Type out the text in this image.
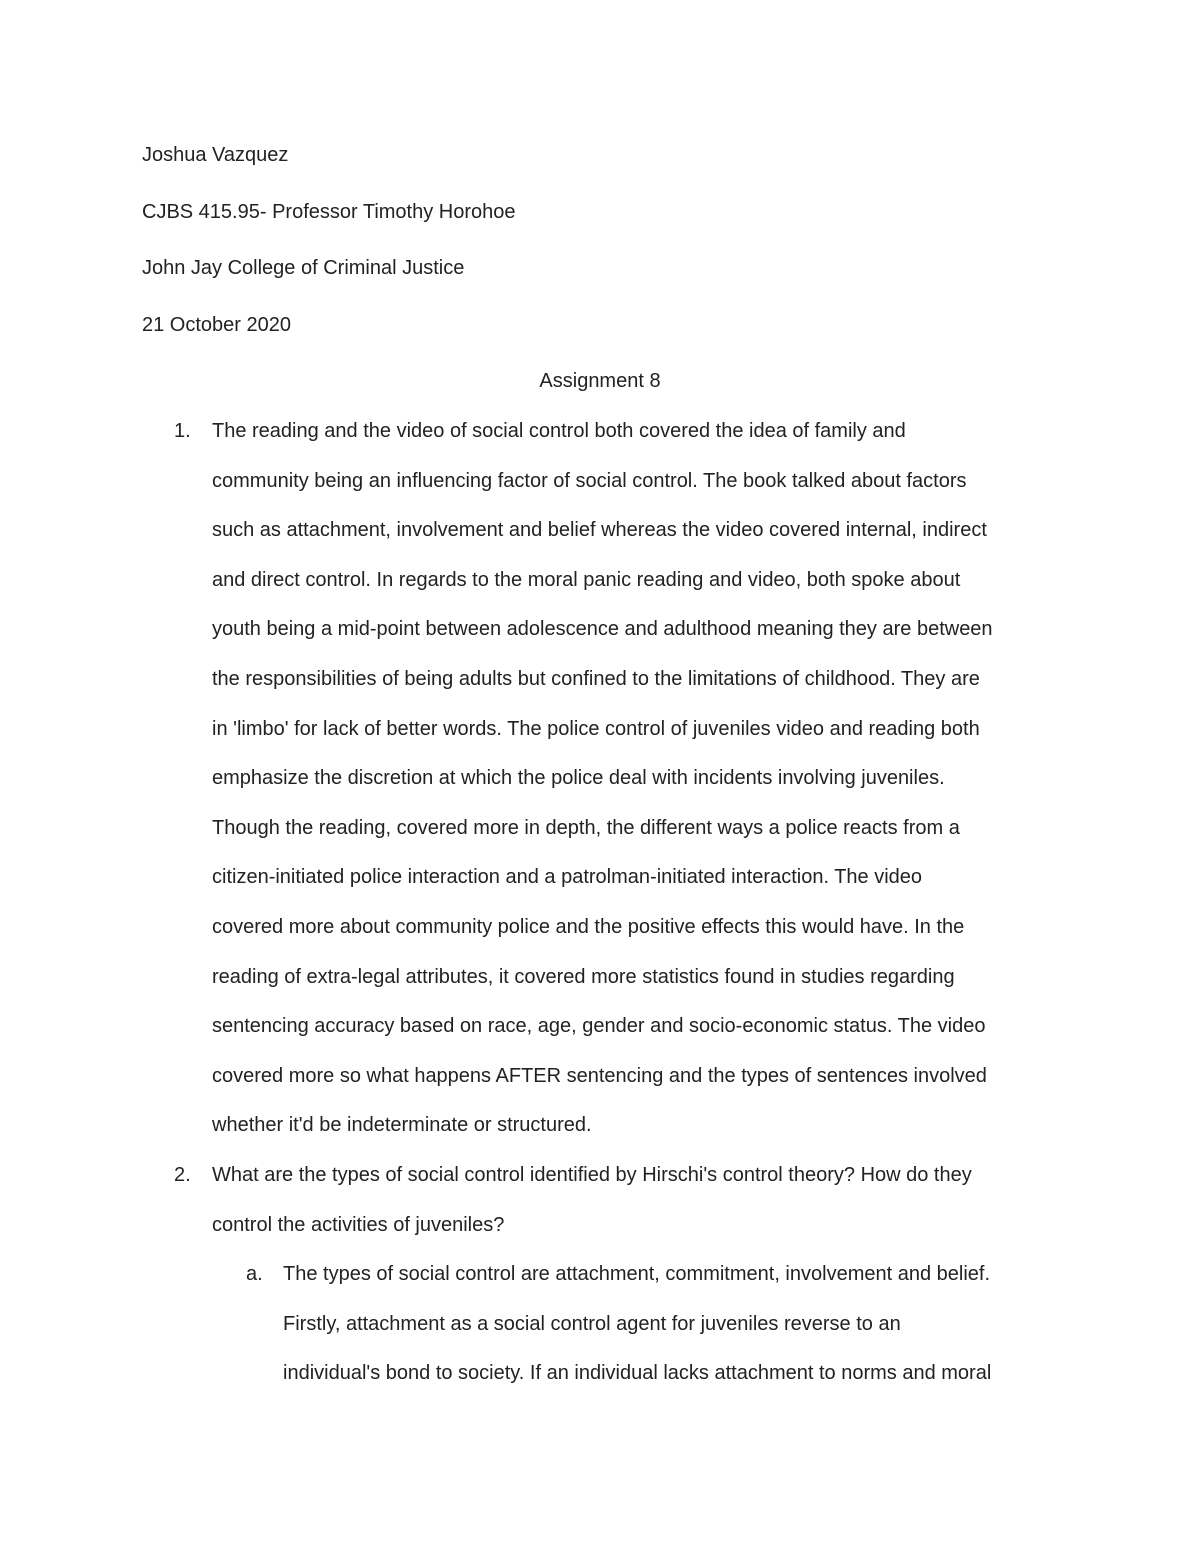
Joshua Vazquez
CJBS 415.95- Professor Timothy Horohoe
John Jay College of Criminal Justice
21 October 2020
Assignment 8
1. The reading and the video of social control both covered the idea of family and
community being an influencing factor of social control. The book talked about factors
such as attachment, involvement and belief whereas the video covered internal, indirect
and direct control. In regards to the moral panic reading and video, both spoke about
youth being a mid-point between adolescence and adulthood meaning they are between
the responsibilities of being adults but confined to the limitations of childhood. They are
in 'limbo' for lack of better words. The police control of juveniles video and reading both
emphasize the discretion at which the police deal with incidents involving juveniles.
Though the reading, covered more in depth, the different ways a police reacts from a
citizen-initiated police interaction and a patrolman-initiated interaction. The video
covered more about community police and the positive effects this would have. In the
reading of extra-legal attributes, it covered more statistics found in studies regarding
sentencing accuracy based on race, age, gender and socio-economic status. The video
covered more so what happens AFTER sentencing and the types of sentences involved
whether it'd be indeterminate or structured.
2. What are the types of social control identified by Hirschi's control theory? How do they
control the activities of juveniles?
a. The types of social control are attachment, commitment, involvement and belief.
Firstly, attachment as a social control agent for juveniles reverse to an
individual's bond to society. If an individual lacks attachment to norms and moral
